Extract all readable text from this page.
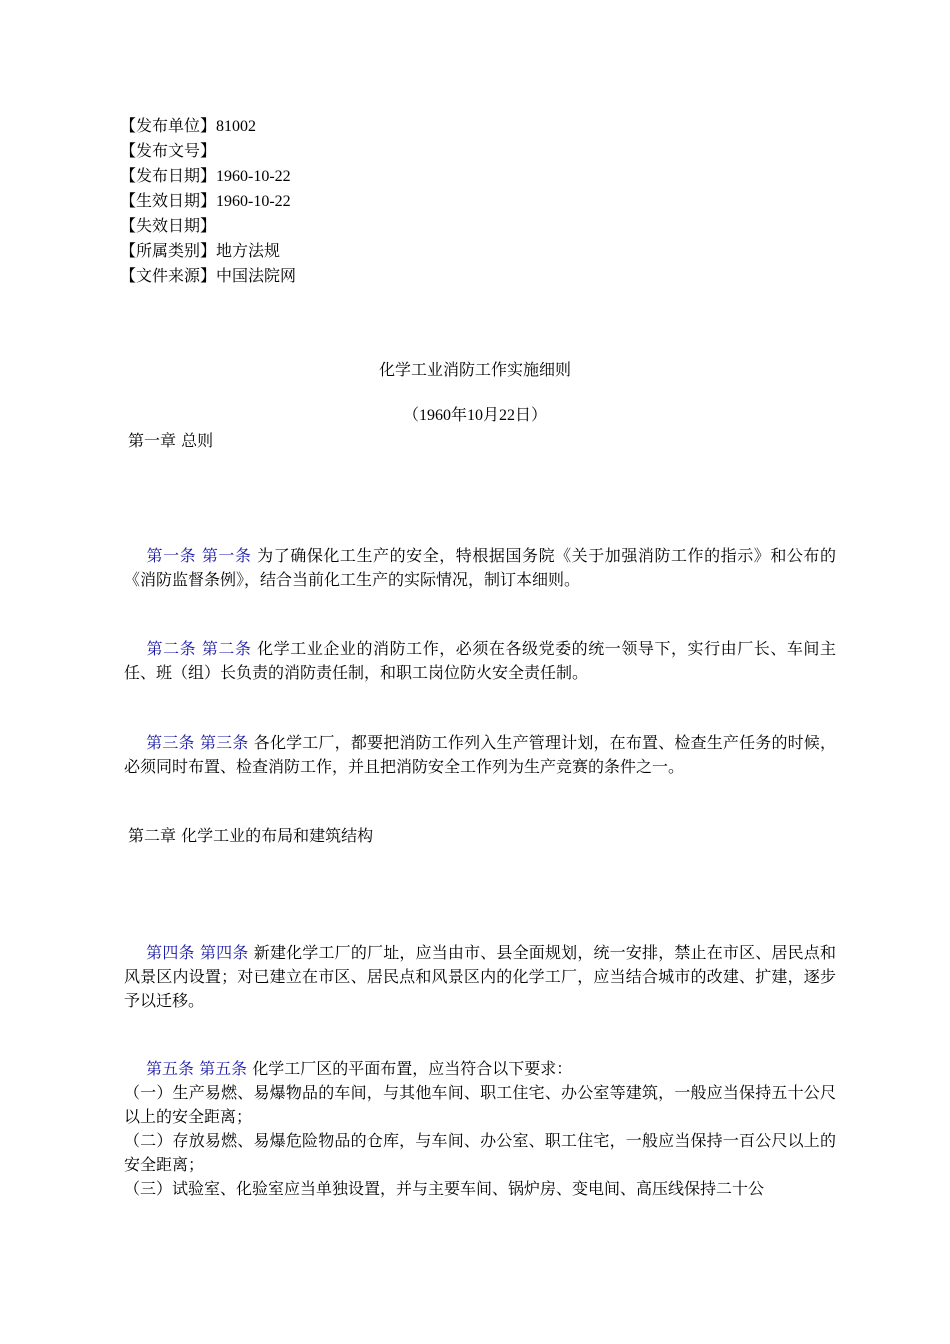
【发布单位】81002
【发布文号】
【发布日期】1960-10-22
【生效日期】1960-10-22
【失效日期】
【所属类别】地方法规
【文件来源】中国法院网
化学工业消防工作实施细则
（1960年10月22日）
第一章 总则
第一条 第一条 为了确保化工生产的安全，特根据国务院《关于加强消防工作的指示》和公布的《消防监督条例》，结合当前化工生产的实际情况，制订本细则。
第二条 第二条 化学工业企业的消防工作，必须在各级党委的统一领导下，实行由厂长、车间主任、班（组）长负责的消防责任制，和职工岗位防火安全责任制。
第三条 第三条 各化学工厂，都要把消防工作列入生产管理计划，在布置、检查生产任务的时候，必须同时布置、检查消防工作，并且把消防安全工作列为生产竞赛的条件之一。
第二章 化学工业的布局和建筑结构
第四条 第四条 新建化学工厂的厂址，应当由市、县全面规划，统一安排，禁止在市区、居民点和风景区内设置；对已建立在市区、居民点和风景区内的化学工厂，应当结合城市的改建、扩建，逐步予以迁移。
第五条 第五条 化学工厂区的平面布置，应当符合以下要求：
（一）生产易燃、易爆物品的车间，与其他车间、职工住宅、办公室等建筑，一般应当保持五十公尺以上的安全距离；
（二）存放易燃、易爆危险物品的仓库，与车间、办公室、职工住宅，一般应当保持一百公尺以上的安全距离；
（三）试验室、化验室应当单独设置，并与主要车间、锅炉房、变电间、高压线保持二十公
